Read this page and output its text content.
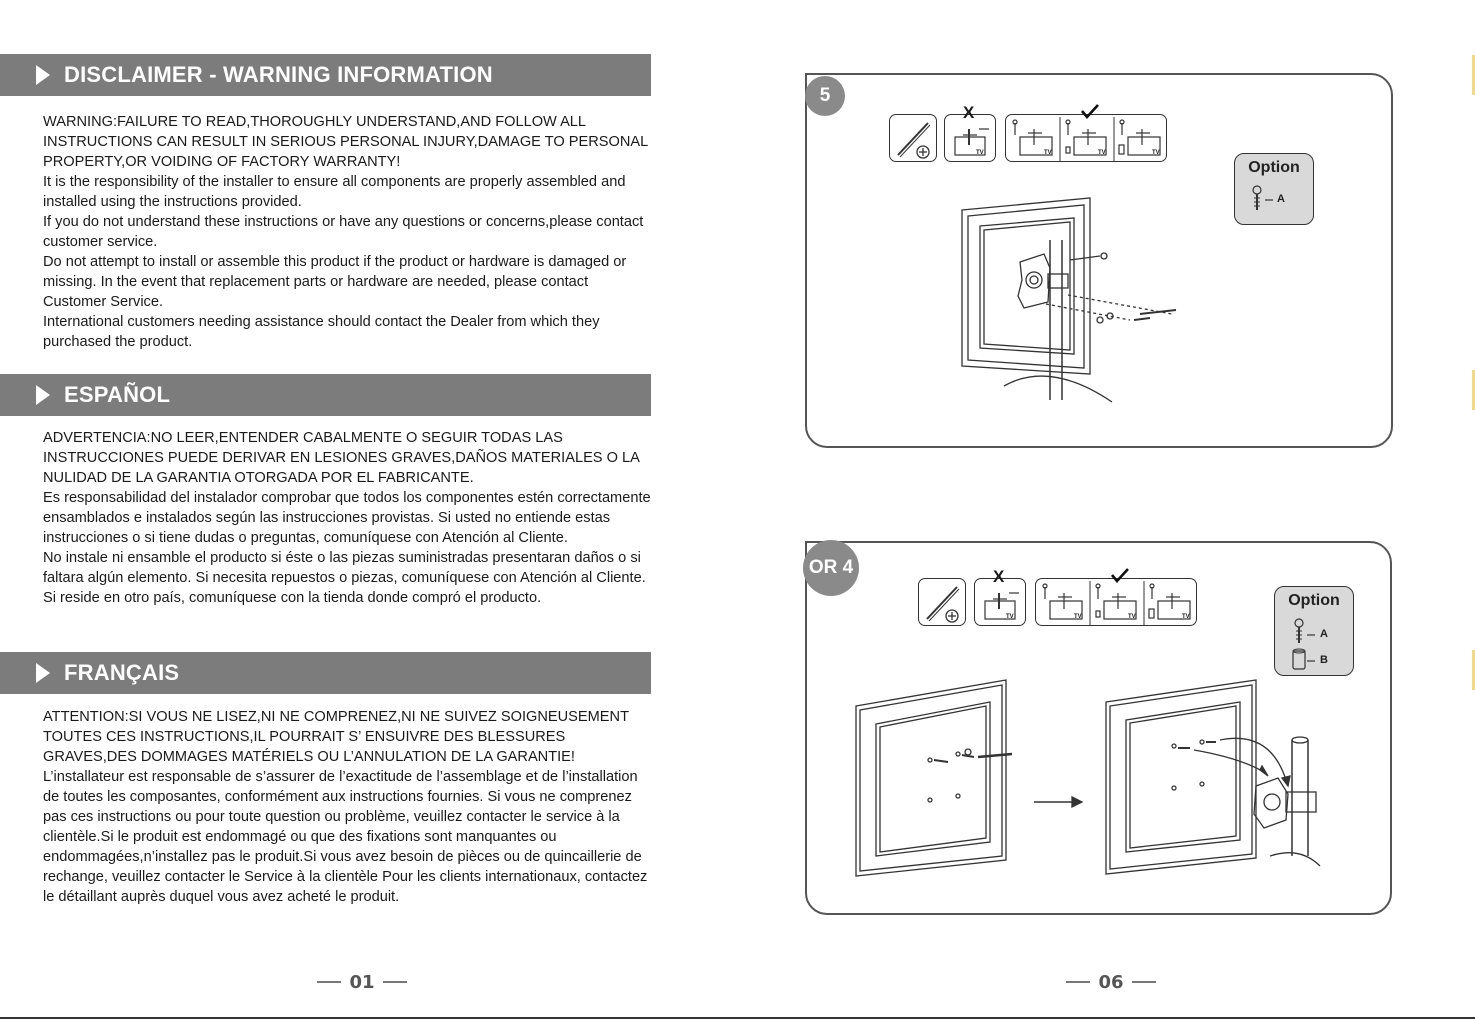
DISCLAIMER - WARNING INFORMATION

WARNING:FAILURE TO READ,THOROUGHLY UNDERSTAND,AND FOLLOW ALL INSTRUCTIONS CAN RESULT IN SERIOUS PERSONAL INJURY,DAMAGE TO PERSONAL PROPERTY,OR VOIDING OF FACTORY WARRANTY!

It is the responsibility of the installer to ensure all components are properly assembled and installed using the instructions provided.

If you do not understand these instructions or have any questions or concerns,please contact customer service.

Do not attempt to install or assemble this product if the product or hardware is damaged or missing. In the event that replacement parts or hardware are needed, please contact Customer Service.

International customers needing assistance should contact the Dealer from which they purchased the product.

ESPAÑOL

ADVERTENCIA:NO LEER,ENTENDER CABALMENTE O SEGUIR TODAS LAS INSTRUCCIONES PUEDE DERIVAR EN LESIONES GRAVES,DAÑOS MATERIALES O LA NULIDAD DE LA GARANTIA OTORGADA POR EL FABRICANTE.

Es responsabilidad del instalador comprobar que todos los componentes estén correctamente ensamblados e instalados según las instrucciones provistas. Si usted no entiende estas instrucciones o si tiene dudas o preguntas, comuníquese con Atención al Cliente.

No instale ni ensamble el producto si éste o las piezas suministradas presentaran daños o si faltara algún elemento. Si necesita repuestos o piezas, comuníquese con Atención al Cliente.

Si reside en otro país, comuníquese con la tienda donde compró el producto.

FRANÇAIS

ATTENTION:SI VOUS NE LISEZ,NI NE COMPRENEZ,NI NE SUIVEZ SOIGNEUSEMENT TOUTES CES INSTRUCTIONS,IL POURRAIT S’ ENSUIVRE DES BLESSURES GRAVES,DES DOMMAGES MATÉRIELS OU L’ANNULATION DE LA GARANTIE!

L’installateur est responsable de s’assurer de l’exactitude de l’assemblage et de l’installation de toutes les composantes, conformément aux instructions fournies. Si vous ne comprenez pas ces instructions ou pour toute question ou problème, veuillez contacter le service à la clientèle.Si le produit est endommagé ou que des fixations sont manquantes ou endommagées,n’installez pas le produit.Si vous avez besoin de pièces ou de quincaillerie de rechange, veuillez contacter le Service à la clientèle Pour les clients internationaux, contactez le détaillant auprès duquel vous avez acheté le produit.

01
5
X
TV	TV	TV	TV
Option
A
OR 4	X
TV	TV	TV	TV
Option
A
B
06
